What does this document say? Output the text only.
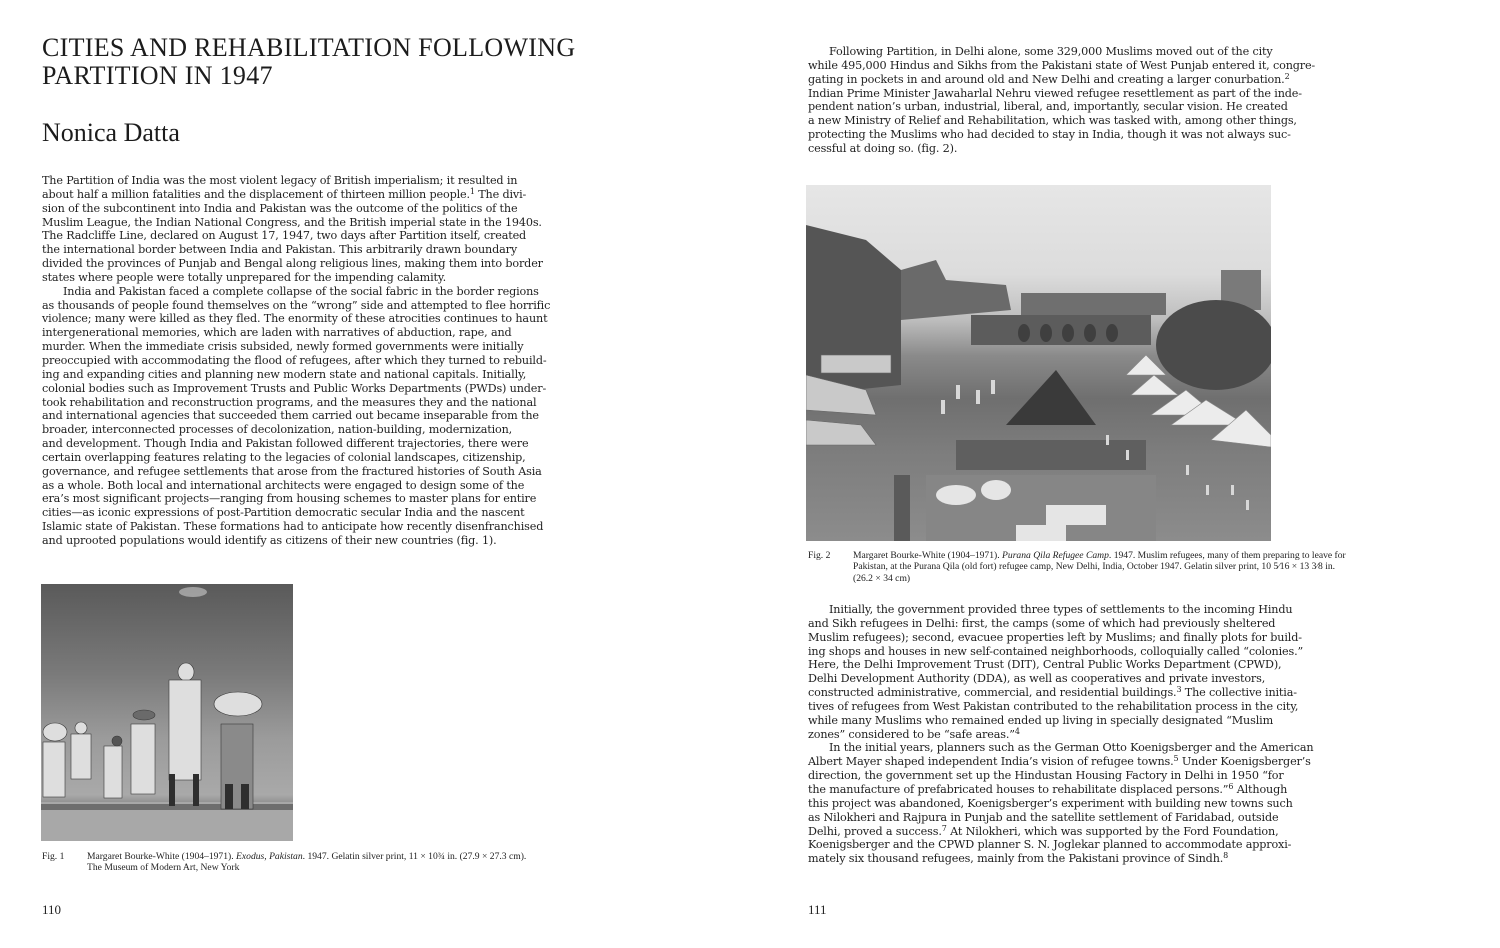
CITIES AND REHABILITATION FOLLOWING
PARTITION IN 1947
Nonica Datta
The Partition of India was the most violent legacy of British imperialism; it resulted in
about half a million fatalities and the displacement of thirteen million people.$^1$ The divi-
sion of the subcontinent into India and Pakistan was the outcome of the politics of the
Muslim League, the Indian National Congress, and the British imperial state in the 1940s.
The Radcliffe Line, declared on August 17, 1947, two days after Partition itself, created
the international border between India and Pakistan. This arbitrarily drawn boundary
divided the provinces of Punjab and Bengal along religious lines, making them into border
states where people were totally unprepared for the impending calamity.
India and Pakistan faced a complete collapse of the social fabric in the border regions
as thousands of people found themselves on the “wrong” side and attempted to flee horrific
violence; many were killed as they fled. The enormity of these atrocities continues to haunt
intergenerational memories, which are laden with narratives of abduction, rape, and
murder. When the immediate crisis subsided, newly formed governments were initially
preoccupied with accommodating the flood of refugees, after which they turned to rebuild-
ing and expanding cities and planning new modern state and national capitals. Initially,
colonial bodies such as Improvement Trusts and Public Works Departments (PWDs) under-
took rehabilitation and reconstruction programs, and the measures they and the national
and international agencies that succeeded them carried out became inseparable from the
broader, interconnected processes of decolonization, nation-building, modernization,
and development. Though India and Pakistan followed different trajectories, there were
certain overlapping features relating to the legacies of colonial landscapes, citizenship,
governance, and refugee settlements that arose from the fractured histories of South Asia
as a whole. Both local and international architects were engaged to design some of the
era’s most significant projects—ranging from housing schemes to master plans for entire
cities—as iconic expressions of post-Partition democratic secular India and the nascent
Islamic state of Pakistan. These formations had to anticipate how recently disenfranchised
and uprooted populations would identify as citizens of their new countries (fig. 1).
Fig. 1 Margaret Bourke-White (1904–1971). Exodus, Pakistan. 1947. Gelatin silver print, 11 × 10¾ in. (27.9 × 27.3 cm).
The Museum of Modern Art, New York
110
Following Partition, in Delhi alone, some 329,000 Muslims moved out of the city
while 495,000 Hindus and Sikhs from the Pakistani state of West Punjab entered it, congre-
gating in pockets in and around old and New Delhi and creating a larger conurbation.$^2$
Indian Prime Minister Jawaharlal Nehru viewed refugee resettlement as part of the inde-
pendent nation’s urban, industrial, liberal, and, importantly, secular vision. He created
a new Ministry of Relief and Rehabilitation, which was tasked with, among other things,
protecting the Muslims who had decided to stay in India, though it was not always suc-
cessful at doing so. (fig. 2).
Fig. 2 Margaret Bourke-White (1904–1971). Purana Qila Refugee Camp. 1947. Muslim refugees, many of them preparing to leave for
Pakistan, at the Purana Qila (old fort) refugee camp, New Delhi, India, October 1947. Gelatin silver print, 10 5⁄16 × 13 3⁄8 in.
(26.2 × 34 cm)
Initially, the government provided three types of settlements to the incoming Hindu
and Sikh refugees in Delhi: first, the camps (some of which had previously sheltered
Muslim refugees); second, evacuee properties left by Muslims; and finally plots for build-
ing shops and houses in new self-contained neighborhoods, colloquially called “colonies.”
Here, the Delhi Improvement Trust (DIT), Central Public Works Department (CPWD),
Delhi Development Authority (DDA), as well as cooperatives and private investors,
constructed administrative, commercial, and residential buildings.$^3$ The collective initia-
tives of refugees from West Pakistan contributed to the rehabilitation process in the city,
while many Muslims who remained ended up living in specially designated “Muslim
zones” considered to be “safe areas.”$^4$
In the initial years, planners such as the German Otto Koenigsberger and the American
Albert Mayer shaped independent India’s vision of refugee towns.$^5$ Under Koenigsberger’s
direction, the government set up the Hindustan Housing Factory in Delhi in 1950 “for
the manufacture of prefabricated houses to rehabilitate displaced persons.”$^6$ Although
this project was abandoned, Koenigsberger’s experiment with building new towns such
as Nilokheri and Rajpura in Punjab and the satellite settlement of Faridabad, outside
Delhi, proved a success.$^7$ At Nilokheri, which was supported by the Ford Foundation,
Koenigsberger and the CPWD planner S. N. Joglekar planned to accommodate approxi-
mately six thousand refugees, mainly from the Pakistani province of Sindh.$^8$
111
